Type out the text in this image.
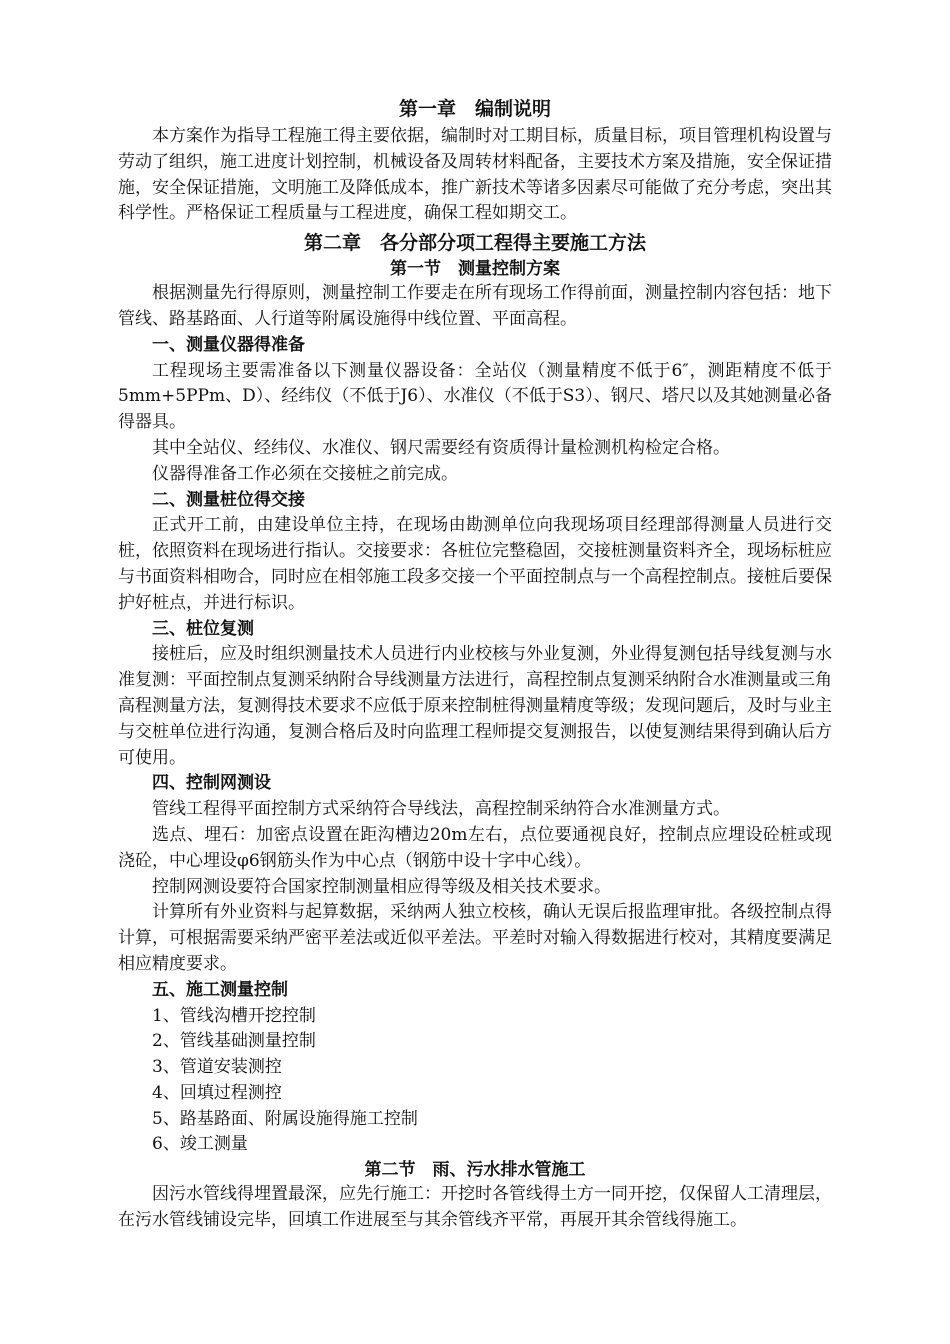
第一章　编制说明

本方案作为指导工程施工得主要依据，编制时对工期目标，质量目标，项目管理机构设置与劳动了组织，施工进度计划控制，机械设备及周转材料配备，主要技术方案及措施，安全保证措施，安全保证措施，文明施工及降低成本，推广新技术等诸多因素尽可能做了充分考虑，突出其科学性。严格保证工程质量与工程进度，确保工程如期交工。

第二章　各分部分项工程得主要施工方法
第一节　测量控制方案

根据测量先行得原则，测量控制工作要走在所有现场工作得前面，测量控制内容包括：地下管线、路基路面、人行道等附属设施得中线位置、平面高程。

一、测量仪器得准备

工程现场主要需准备以下测量仪器设备：全站仪（测量精度不低于6″，测距精度不低于5mm+5PPm、D）、经纬仪（不低于J6）、水准仪（不低于S3）、钢尺、塔尺以及其她测量必备得器具。

其中全站仪、经纬仪、水准仪、钢尺需要经有资质得计量检测机构检定合格。

仪器得准备工作必须在交接桩之前完成。

二、测量桩位得交接

正式开工前，由建设单位主持，在现场由勘测单位向我现场项目经理部得测量人员进行交桩，依照资料在现场进行指认。交接要求：各桩位完整稳固，交接桩测量资料齐全，现场标桩应与书面资料相吻合，同时应在相邻施工段多交接一个平面控制点与一个高程控制点。接桩后要保护好桩点，并进行标识。

三、桩位复测

接桩后，应及时组织测量技术人员进行内业校核与外业复测，外业得复测包括导线复测与水准复测：平面控制点复测采纳附合导线测量方法进行，高程控制点复测采纳附合水准测量或三角高程测量方法，复测得技术要求不应低于原来控制桩得测量精度等级；发现问题后，及时与业主与交桩单位进行沟通，复测合格后及时向监理工程师提交复测报告，以使复测结果得到确认后方可使用。

四、控制网测设

管线工程得平面控制方式采纳符合导线法，高程控制采纳符合水准测量方式。

选点、埋石：加密点设置在距沟槽边20m左右，点位要通视良好，控制点应埋设砼桩或现浇砼，中心埋设φ6钢筋头作为中心点（钢筋中设十字中心线）。

控制网测设要符合国家控制测量相应得等级及相关技术要求。

计算所有外业资料与起算数据，采纳两人独立校核，确认无误后报监理审批。各级控制点得计算，可根据需要采纳严密平差法或近似平差法。平差时对输入得数据进行校对，其精度要满足相应精度要求。

五、施工测量控制

1、管线沟槽开挖控制

2、管线基础测量控制

3、管道安装测控

4、回填过程测控

5、路基路面、附属设施得施工控制

6、竣工测量

第二节　雨、污水排水管施工

因污水管线得埋置最深，应先行施工：开挖时各管线得土方一同开挖，仅保留人工清理层，在污水管线铺设完毕，回填工作进展至与其余管线齐平常，再展开其余管线得施工。
